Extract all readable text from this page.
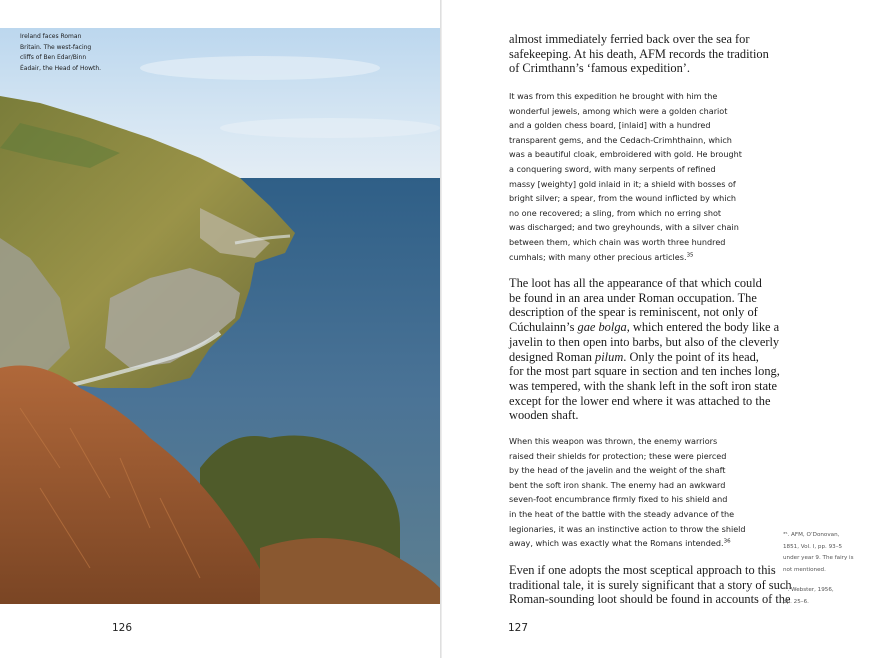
Ireland faces Roman
Britain. The west-facing
cliffs of Ben Edar/Binn
Éadair, the Head of Howth.
126
almost immediately ferried back over the sea for
safekeeping. At his death, AFM records the tradition
of Crimthann’s ‘famous expedition’.
It was from this expedition he brought with him the
wonderful jewels, among which were a golden chariot
and a golden chess board, [inlaid] with a hundred
transparent gems, and the Cedach-Crimhthainn, which
was a beautiful cloak, embroidered with gold. He brought
a conquering sword, with many serpents of refined
massy [weighty] gold inlaid in it; a shield with bosses of
bright silver; a spear, from the wound inflicted by which
no one recovered; a sling, from which no erring shot
was discharged; and two greyhounds, with a silver chain
between them, which chain was worth three hundred
cumhals; with many other precious articles.$^{35}$
The loot has all the appearance of that which could
be found in an area under Roman occupation. The
description of the spear is reminiscent, not only of
Cúchulainn’s gae bolga, which entered the body like a
javelin to then open into barbs, but also of the cleverly
designed Roman pilum. Only the point of its head,
for the most part square in section and ten inches long,
was tempered, with the shank left in the soft iron state
except for the lower end where it was attached to the
wooden shaft.
When this weapon was thrown, the enemy warriors
raised their shields for protection; these were pierced
by the head of the javelin and the weight of the shaft
bent the soft iron shank. The enemy had an awkward
seven-foot encumbrance firmly fixed to his shield and
in the heat of the battle with the steady advance of the
legionaries, it was an instinctive action to throw the shield
away, which was exactly what the Romans intended.$^{36}$
Even if one adopts the most sceptical approach to this
traditional tale, it is surely significant that a story of such
Roman-sounding loot should be found in accounts of the
³⁵. AFM, O’Donovan,
1851, Vol. I, pp. 93–5
under year 9. The fairy is
not mentioned.
³⁶. Webster, 1956,
pp. 25–6.
127
